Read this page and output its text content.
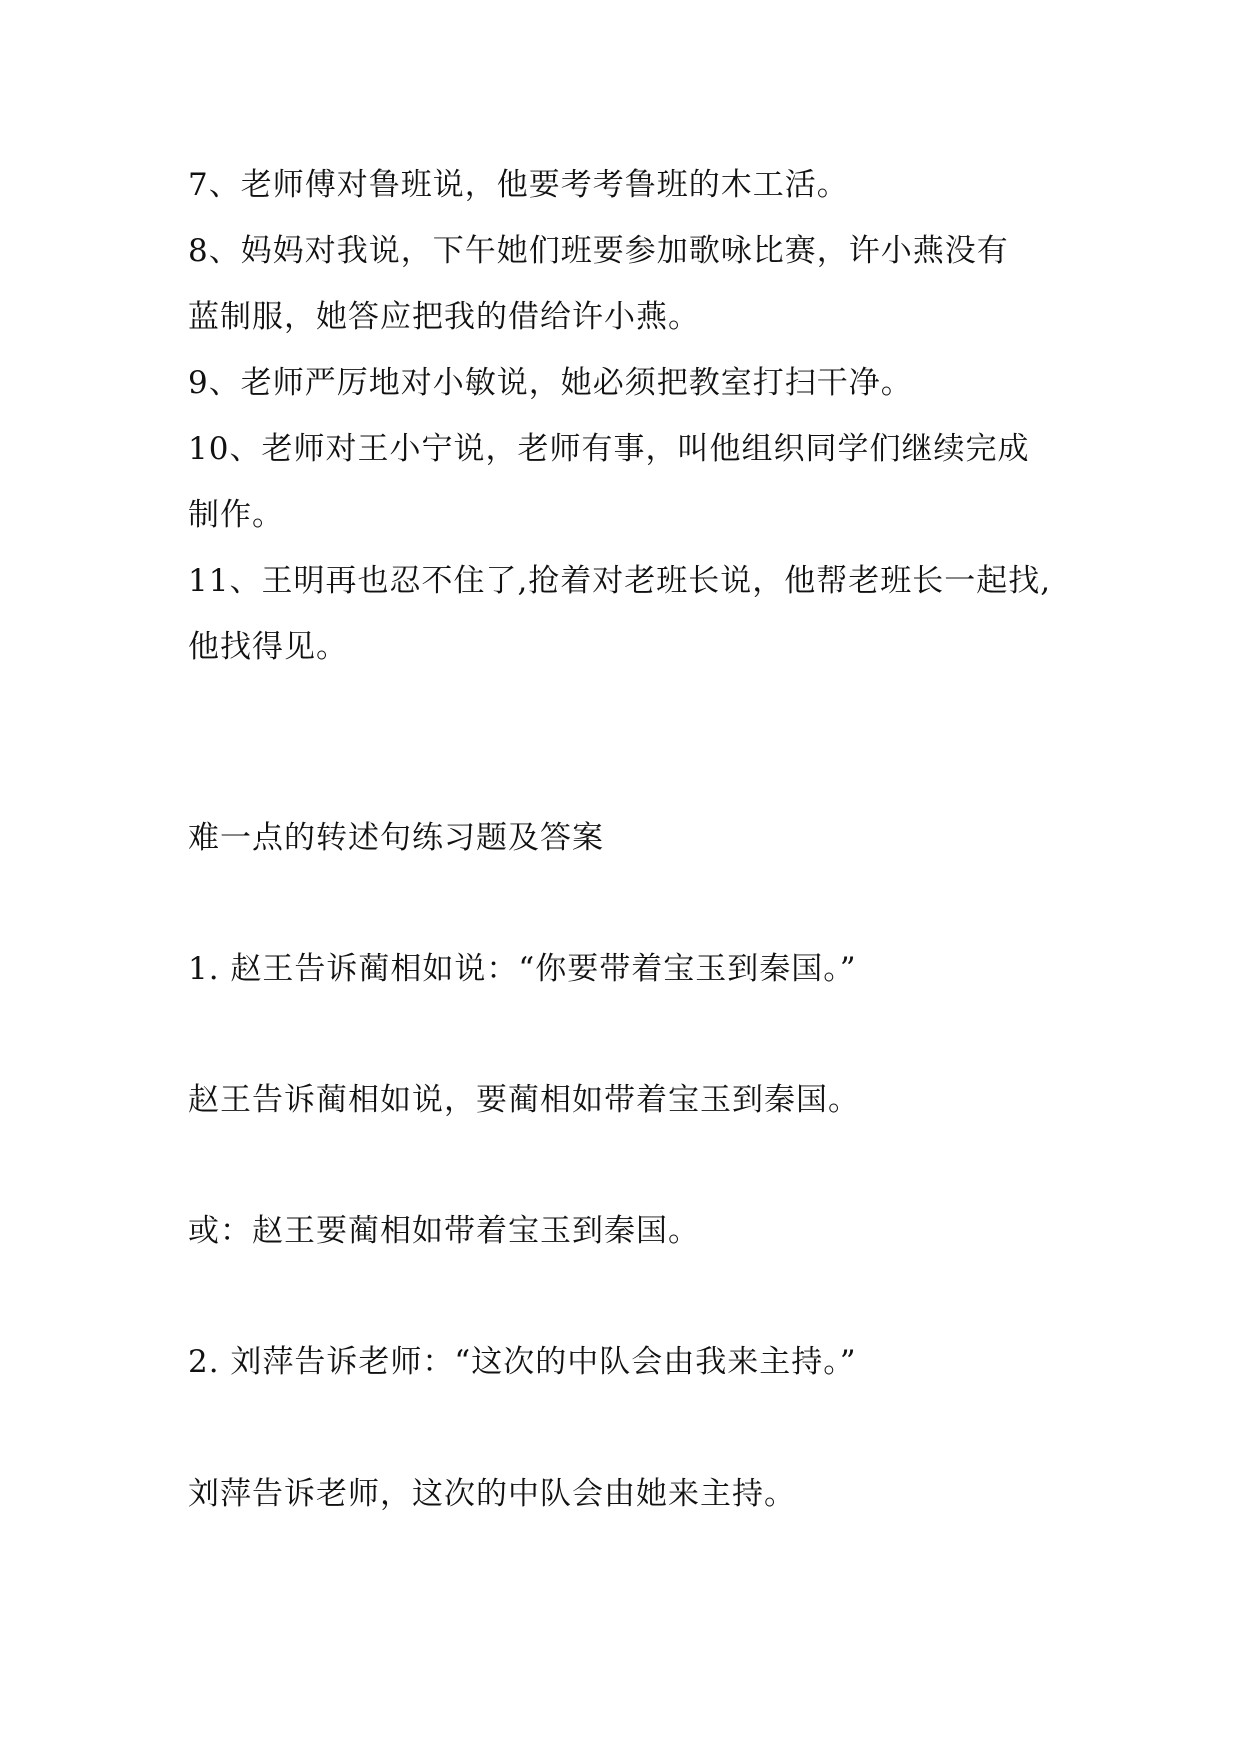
7、老师傅对鲁班说，他要考考鲁班的木工活。
8、妈妈对我说，下午她们班要参加歌咏比赛，许小燕没有
蓝制服，她答应把我的借给许小燕。
9、老师严厉地对小敏说，她必须把教室打扫干净。
10、老师对王小宁说，老师有事，叫他组织同学们继续完成
制作。
11、王明再也忍不住了,抢着对老班长说，他帮老班长一起找,
他找得见。
难一点的转述句练习题及答案
1. 赵王告诉蔺相如说：“你要带着宝玉到秦国。”
赵王告诉蔺相如说，要蔺相如带着宝玉到秦国。
或：赵王要蔺相如带着宝玉到秦国。
2. 刘萍告诉老师：“这次的中队会由我来主持。”
刘萍告诉老师，这次的中队会由她来主持。
